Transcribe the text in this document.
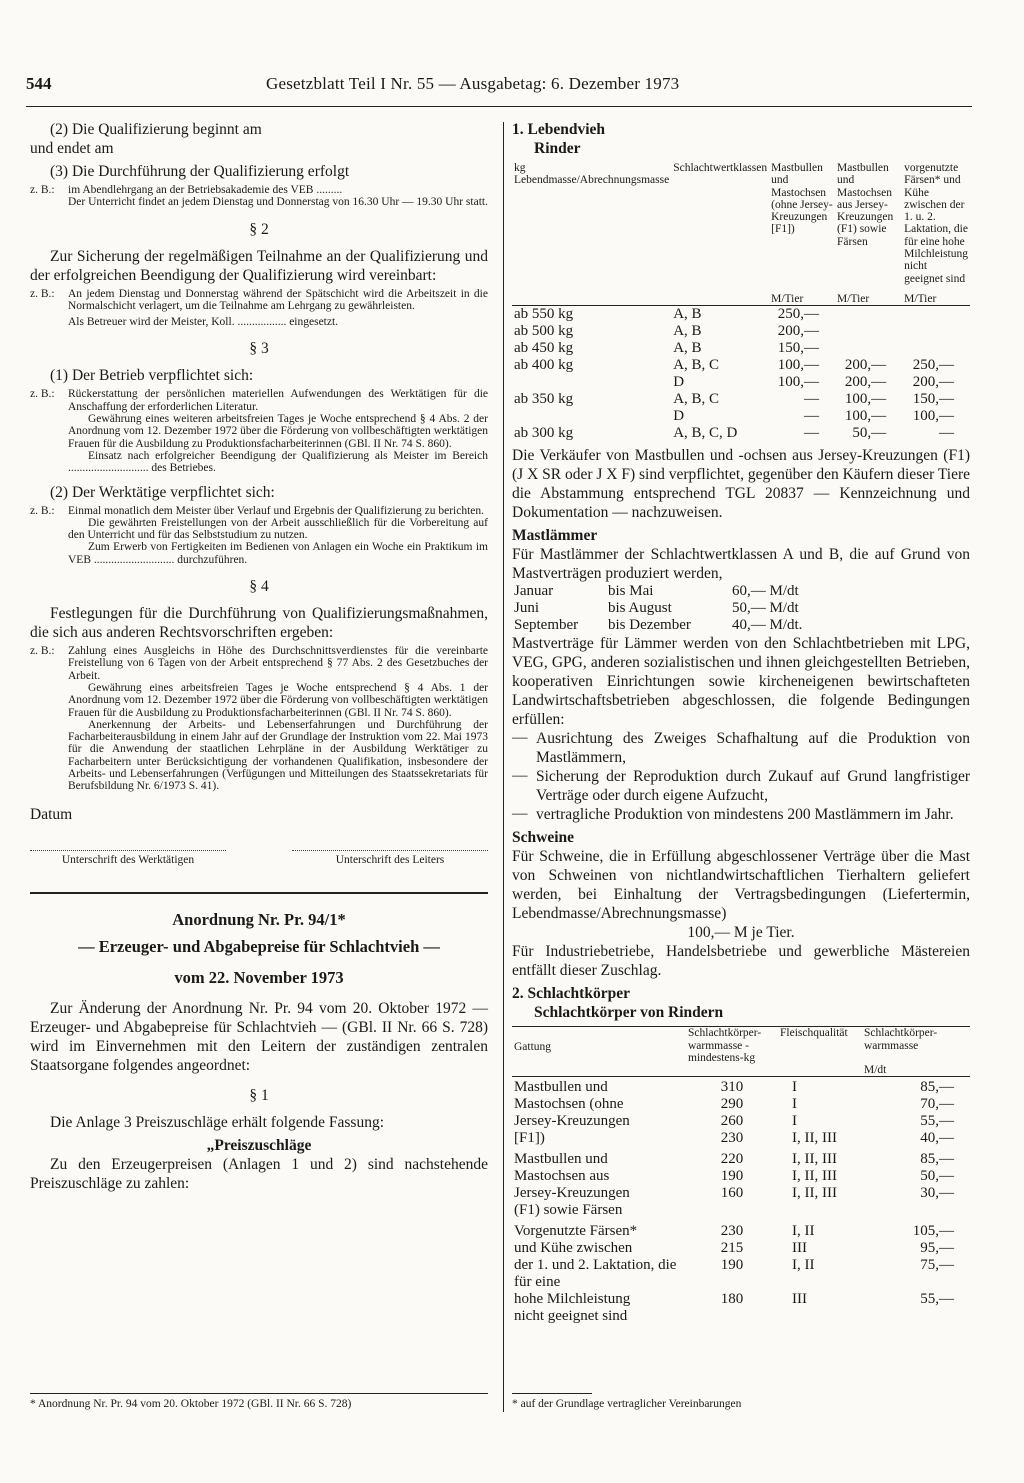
544	Gesetzblatt Teil I Nr. 55 — Ausgabetag: 6. Dezember 1973

(2) Die Qualifizierung beginnt am

und endet am

(3) Die Durchführung der Qualifizierung erfolgt

z. B.:	im Abendlehrgang an der Betriebsakademie des VEB .........

Der Unterricht findet an jedem Dienstag und Donnerstag von 16.30 Uhr — 19.30 Uhr statt.

§ 2

Zur Sicherung der regelmäßigen Teilnahme an der Qualifizierung und der erfolgreichen Beendigung der Qualifizierung wird vereinbart:

z. B.:	An jedem Dienstag und Donnerstag während der Spätschicht wird die Arbeitszeit in die Normalschicht verlagert, um die Teilnahme am Lehrgang zu gewährleisten.

Als Betreuer wird der Meister, Koll. ................. eingesetzt.

§ 3

(1) Der Betrieb verpflichtet sich:

z. B.:	Rückerstattung der persönlichen materiellen Aufwendungen des Werktätigen für die Anschaffung der erforderlichen Literatur.

Gewährung eines weiteren arbeitsfreien Tages je Woche entsprechend § 4 Abs. 2 der Anordnung vom 12. Dezember 1972 über die Förderung von vollbeschäftigten werktätigen Frauen für die Ausbildung zu Produktionsfacharbeiterinnen (GBl. II Nr. 74 S. 860).

Einsatz nach erfolgreicher Beendigung der Qualifizierung als Meister im Bereich ............................ des Betriebes.

(2) Der Werktätige verpflichtet sich:

z. B.:	Einmal monatlich dem Meister über Verlauf und Ergebnis der Qualifizierung zu berichten.

Die gewährten Freistellungen von der Arbeit ausschließlich für die Vorbereitung auf den Unterricht und für das Selbststudium zu nutzen.

Zum Erwerb von Fertigkeiten im Bedienen von Anlagen ein Woche ein Praktikum im VEB ............................ durchzuführen.

§ 4

Festlegungen für die Durchführung von Qualifizierungsmaßnahmen, die sich aus anderen Rechtsvorschriften ergeben:

z. B.:	Zahlung eines Ausgleichs in Höhe des Durchschnittsverdienstes für die vereinbarte Freistellung von 6 Tagen von der Arbeit entsprechend § 77 Abs. 2 des Gesetzbuches der Arbeit.

Gewährung eines arbeitsfreien Tages je Woche entsprechend § 4 Abs. 1 der Anordnung vom 12. Dezember 1972 über die Förderung von vollbeschäftigten werktätigen Frauen für die Ausbildung zu Produktionsfacharbeiterinnen (GBl. II Nr. 74 S. 860).

Anerkennung der Arbeits- und Lebenserfahrungen und Durchführung der Facharbeiterausbildung in einem Jahr auf der Grundlage der Instruktion vom 22. Mai 1973 für die Anwendung der staatlichen Lehrpläne in der Ausbildung Werktätiger zu Facharbeitern unter Berücksichtigung der vorhandenen Qualifikation, insbesondere der Arbeits- und Lebenserfahrungen (Verfügungen und Mitteilungen des Staatssekretariats für Berufsbildung Nr. 6/1973 S. 41).

Datum

Unterschrift des Werktätigen	Unterschrift des Leiters

Anordnung Nr. Pr. 94/1*

— Erzeuger- und Abgabepreise für Schlachtvieh —

vom 22. November 1973

Zur Änderung der Anordnung Nr. Pr. 94 vom 20. Oktober 1972 — Erzeuger- und Abgabepreise für Schlachtvieh — (GBl. II Nr. 66 S. 728) wird im Einvernehmen mit den Leitern der zuständigen zentralen Staatsorgane folgendes angeordnet:

§ 1

Die Anlage 3 Preiszuschläge erhält folgende Fassung:

„Preiszuschläge

Zu den Erzeugerpreisen (Anlagen 1 und 2) sind nachstehende Preiszuschläge zu zahlen:

1. Lebendvieh

Rinder

kg Lebendmasse/Abrechnungsmasse	Schlachtwertklassen	Mastbullen und Mastochsen (ohne Jersey-Kreuzungen [F1])	Mastbullen und Mastochsen aus Jersey-Kreuzungen (F1) sowie Färsen	vorgenutzte Färsen* und Kühe zwischen der 1. u. 2. Laktation, die für eine hohe Milchleistung nicht geeignet sind
		M/Tier	M/Tier	M/Tier
ab 550 kg	A, B	250,—		
ab 500 kg	A, B	200,—		
ab 450 kg	A, B	150,—		
ab 400 kg	A, B, C	100,—	200,—	250,—
	D	100,—	200,—	200,—
ab 350 kg	A, B, C	—	100,—	150,—
	D	—	100,—	100,—
ab 300 kg	A, B, C, D	—	50,—	—

Die Verkäufer von Mastbullen und -ochsen aus Jersey-Kreuzungen (F1) (J X SR oder J X F) sind verpflichtet, gegenüber den Käufern dieser Tiere die Abstammung entsprechend TGL 20837 — Kennzeichnung und Dokumentation — nachzuweisen.

Mastlämmer

Für Mastlämmer der Schlachtwertklassen A und B, die auf Grund von Mastverträgen produziert werden,

Januar	bis Mai	60,— M/dt
Juni	bis August	50,— M/dt
September	bis Dezember	40,— M/dt.

Mastverträge für Lämmer werden von den Schlachtbetrieben mit LPG, VEG, GPG, anderen sozialistischen und ihnen gleichgestellten Betrieben, kooperativen Einrichtungen sowie kircheneigenen bewirtschafteten Landwirtschaftsbetrieben abgeschlossen, die folgende Bedingungen erfüllen:

— Ausrichtung des Zweiges Schafhaltung auf die Produktion von Mastlämmern,

— Sicherung der Reproduktion durch Zukauf auf Grund langfristiger Verträge oder durch eigene Aufzucht,

— vertragliche Produktion von mindestens 200 Mastlämmern im Jahr.

Schweine

Für Schweine, die in Erfüllung abgeschlossener Verträge über die Mast von Schweinen von nichtlandwirtschaftlichen Tierhaltern geliefert werden, bei Einhaltung der Vertragsbedingungen (Liefertermin, Lebendmasse/Abrechnungsmasse)

100,— M je Tier.

Für Industriebetriebe, Handelsbetriebe und gewerbliche Mästereien entfällt dieser Zuschlag.

2. Schlachtkörper

Schlachtkörper von Rindern

Gattung	Schlachtkörper-warmmasse -mindestens-kg	Fleischqualität	Schlachtkörper-warmmasse

M/dt
Mastbullen und	310	I	85,—
Mastochsen (ohne	290	I	70,—
Jersey-Kreuzungen	260	I	55,—
[F1])	230	I, II, III	40,—
Mastbullen und	220	I, II, III	85,—
Mastochsen aus	190	I, II, III	50,—
Jersey-Kreuzungen	160	I, II, III	30,—
(F1) sowie Färsen			
Vorgenutzte Färsen*	230	I, II	105,—
und Kühe zwischen	215	III	95,—
der 1. und 2. Laktation, die für eine	190	I, II	75,—
hohe Milchleistung	180	III	55,—
nicht geeignet sind			
* Anordnung Nr. Pr. 94 vom 20. Oktober 1972 (GBl. II Nr. 66 S. 728)	* auf der Grundlage vertraglicher Vereinbarungen
